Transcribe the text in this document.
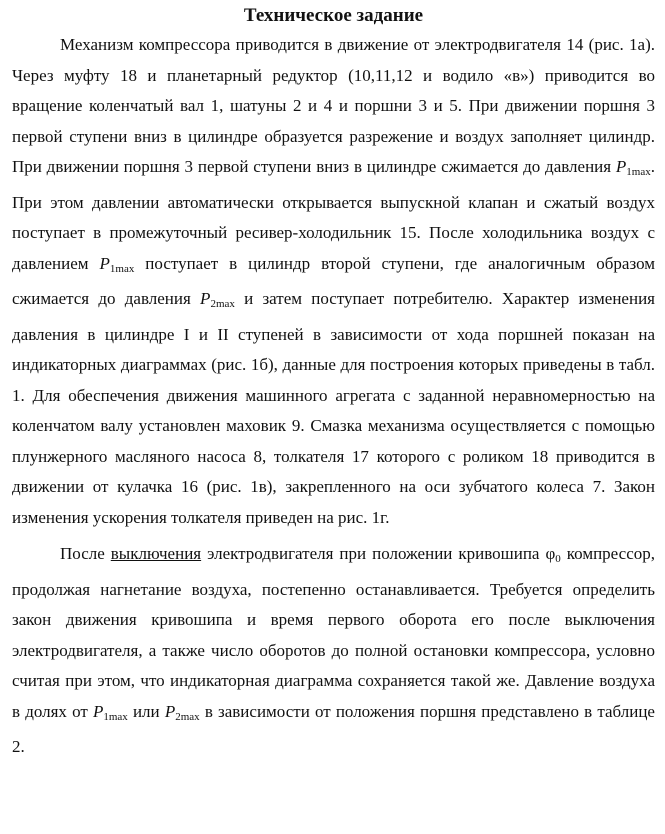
Техническое задание

Механизм компрессора приводится в движение от электродвигателя 14 (рис. 1а). Через муфту 18 и планетарный редуктор (10,11,12 и водило «в») приводится во вращение коленчатый вал 1, шатуны 2 и 4 и поршни 3 и 5. При движении поршня 3 первой ступени вниз в цилиндре образуется разрежение и воздух заполняет цилиндр. При движении поршня 3 первой ступени вниз в цилиндре сжимается до давления $P_{1max}$. При этом давлении автоматически открывается выпускной клапан и сжатый воздух поступает в промежуточный ресивер-холодильник 15. После холодильника воздух с давлением $P_{1max}$ поступает в цилиндр второй ступени, где аналогичным образом сжимается до давления $P_{2max}$ и затем поступает потребителю. Характер изменения давления в цилиндре I и II ступеней в зависимости от хода поршней показан на индикаторных диаграммах (рис. 1б), данные для построения которых приведены в табл. 1. Для обеспечения движения машинного агрегата с заданной неравномерностью на коленчатом валу установлен маховик 9. Смазка механизма осуществляется с помощью плунжерного масляного насоса 8, толкателя 17 которого с роликом 18 приводится в движении от кулачка 16 (рис. 1в), закрепленного на оси зубчатого колеса 7. Закон изменения ускорения толкателя приведен на рис. 1г.

После выключения электродвигателя при положении кривошипа $\varphi_0$ компрессор, продолжая нагнетание воздуха, постепенно останавливается. Требуется определить закон движения кривошипа и время первого оборота его после выключения электродвигателя, а также число оборотов до полной остановки компрессора, условно считая при этом, что индикаторная диаграмма сохраняется такой же. Давление воздуха в долях от $P_{1max}$ или $P_{2max}$ в зависимости от положения поршня представлено в таблице 2.
